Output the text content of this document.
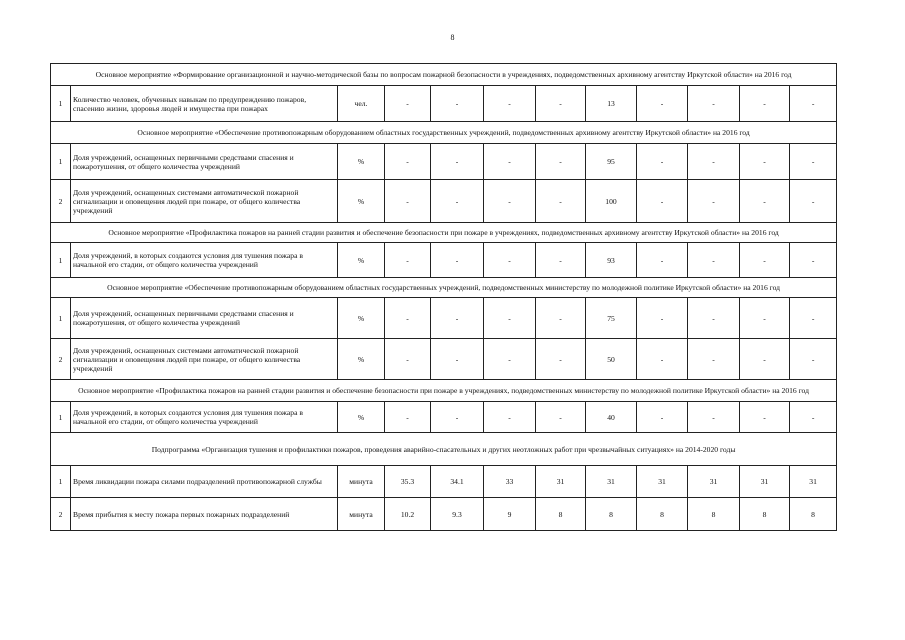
8
Основное мероприятие «Формирование организационной и научно-методической базы по вопросам пожарной безопасности в учреждениях, подведомственных архивному агентству Иркутской области» на 2016 год											
1	Количество человек, обученных навыкам по предупреждению пожаров, спасению жизни, здоровья людей и имущества при пожарах	чел.	-	-	-	-	13	-	-	-	-
Основное мероприятие «Обеспечение противопожарным оборудованием областных государственных учреждений, подведомственных архивному агентству Иркутской области» на 2016 год											
1	Доля учреждений, оснащенных первичными средствами спасения и пожаротушения, от общего количества учреждений	%	-	-	-	-	95	-	-	-	-
2	Доля учреждений, оснащенных системами автоматической пожарной сигнализации и оповещения людей при пожаре, от общего количества учреждений	%	-	-	-	-	100	-	-	-	-
Основное мероприятие «Профилактика пожаров на ранней стадии развития и обеспечение безопасности при пожаре в учреждениях, подведомственных архивному агентству Иркутской области» на 2016 год											
1	Доля учреждений, в которых создаются условия для тушения пожара в начальной его стадии, от общего количества учреждений	%	-	-	-	-	93	-	-	-	-
Основное мероприятие «Обеспечение противопожарным оборудованием областных государственных учреждений, подведомственных министерству по молодежной политике Иркутской области» на 2016 год											
1	Доля учреждений, оснащенных первичными средствами спасения и пожаротушения, от общего количества учреждений	%	-	-	-	-	75	-	-	-	-
2	Доля учреждений, оснащенных системами автоматической пожарной сигнализации и оповещения людей при пожаре, от общего количества учреждений	%	-	-	-	-	50	-	-	-	-
Основное мероприятие «Профилактика пожаров на ранней стадии развития и обеспечение безопасности при пожаре в учреждениях, подведомственных министерству по молодежной политике Иркутской области» на 2016 год											
1	Доля учреждений, в которых создаются условия для тушения пожара в начальной его стадии, от общего количества учреждений	%	-	-	-	-	40	-	-	-	-
Подпрограмма «Организация тушения и профилактики пожаров, проведения аварийно-спасательных и других неотложных работ при чрезвычайных ситуациях» на 2014-2020 годы											
1	Время ликвидации пожара силами подразделений противопожарной службы	минута	35.3	34.1	33	31	31	31	31	31	31
2	Время прибытия к месту пожара первых пожарных подразделений	минута	10.2	9.3	9	8	8	8	8	8	8
